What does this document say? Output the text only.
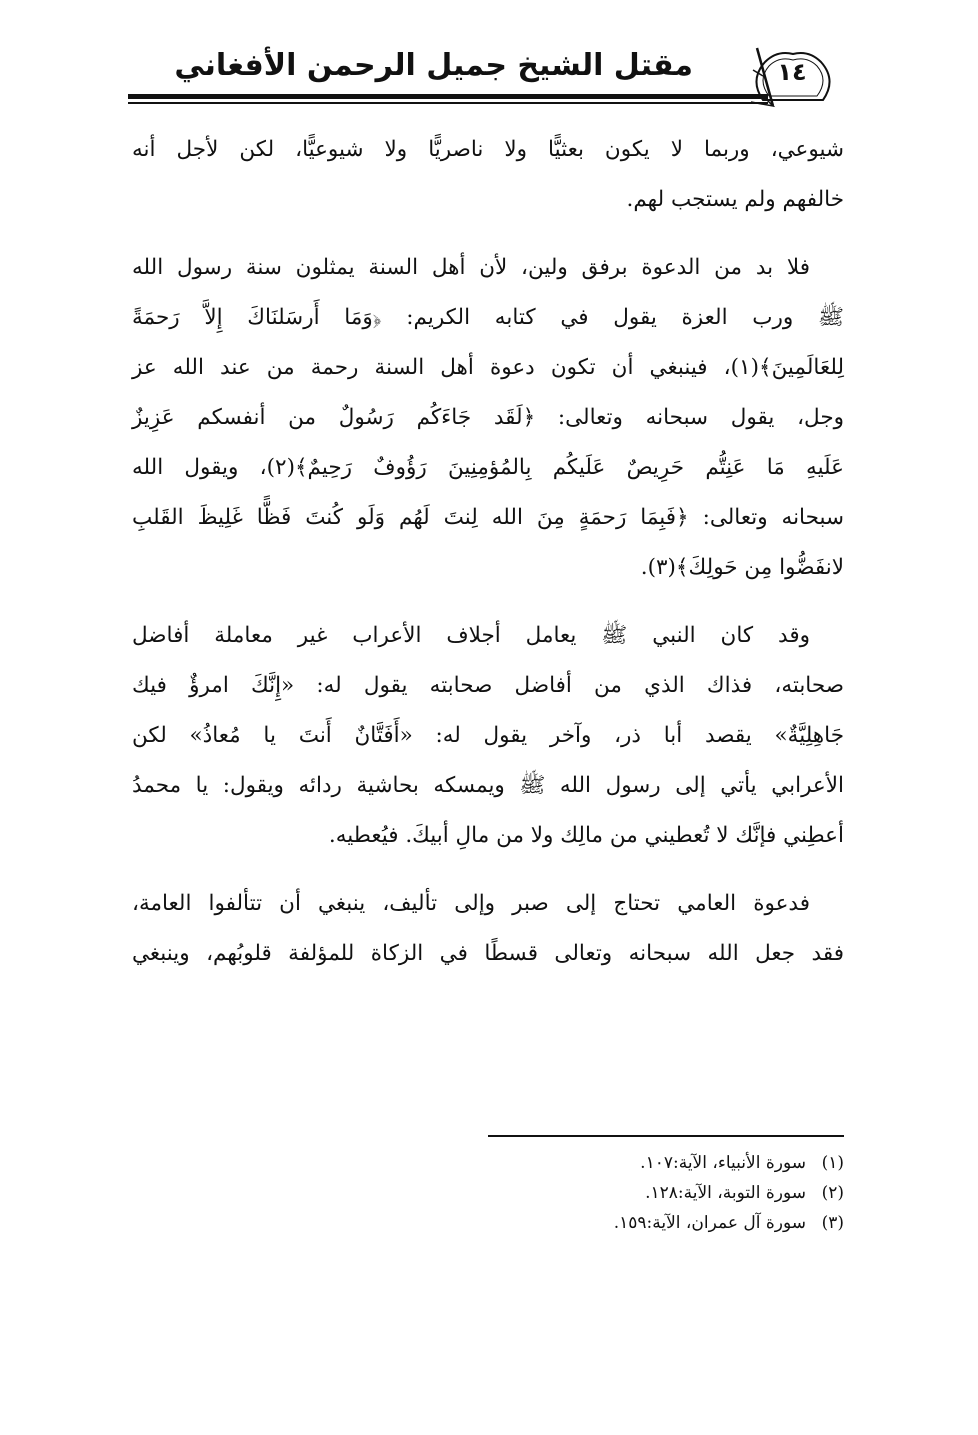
مقتل الشيخ جميل الرحمن الأفغاني	١٤

شيوعي، وربما لا يكون بعثيًّا ولا ناصريًّا ولا شيوعيًّا، لكن لأجل أنه
خالفهم ولم يستجب لهم.

فلا بد من الدعوة برفق ولين، لأن أهل السنة يمثلون سنة رسول الله
ﷺ ورب العزة يقول في كتابه الكريم: ﴿وَمَا أَرسَلنَاكَ إِلاَّ رَحمَةً
لِلعَالَمِينَ﴾(١)، فينبغي أن تكون دعوة أهل السنة رحمة من عند الله عز
وجل، يقول سبحانه وتعالى: ﴿لَقَد جَاءَكُم رَسُولٌ من أنفسكم عَزِيزٌ
عَلَيهِ مَا عَنِتُّم حَرِيصٌ عَلَيكُم بِالمُؤمِنِينَ رَؤُوفٌ رَحِيمٌ﴾(٢)، ويقول الله
سبحانه وتعالى: ﴿فَبِمَا رَحمَةٍ مِنَ الله لِنتَ لَهُم وَلَو كُنتَ فَظًّا غَلِيظَ القَلبِ
لانفَضُّوا مِن حَولِكَ﴾(٣).

وقد كان النبي ﷺ يعامل أجلاف الأعراب غير معاملة أفاضل
صحابته، فذاك الذي من أفاضل صحابته يقول له: «إِنَّكَ امرؤٌ فيك
جَاهِلِيَّةٌ» يقصد أبا ذر، وآخر يقول له: «أَفَتَّانٌ أَنتَ يا مُعاذُ» لكن
الأعرابي يأتي إلى رسول الله ﷺ ويمسكه بحاشية ردائه ويقول: يا محمدُ
أعطِني فإنَّك لا تُعطيني من مالِك ولا من مالِ أبيكَ. فيُعطيه.

فدعوة العامي تحتاج إلى صبر وإلى تأليف، ينبغي أن تتألفوا العامة،
فقد جعل الله سبحانه وتعالى قسطًا في الزكاة للمؤلفة قلوبُهم، وينبغي

(١)سورة الأنبياء، الآية:١٠٧.
(٢)سورة التوبة، الآية:١٢٨.
(٣)سورة آل عمران، الآية:١٥٩.
